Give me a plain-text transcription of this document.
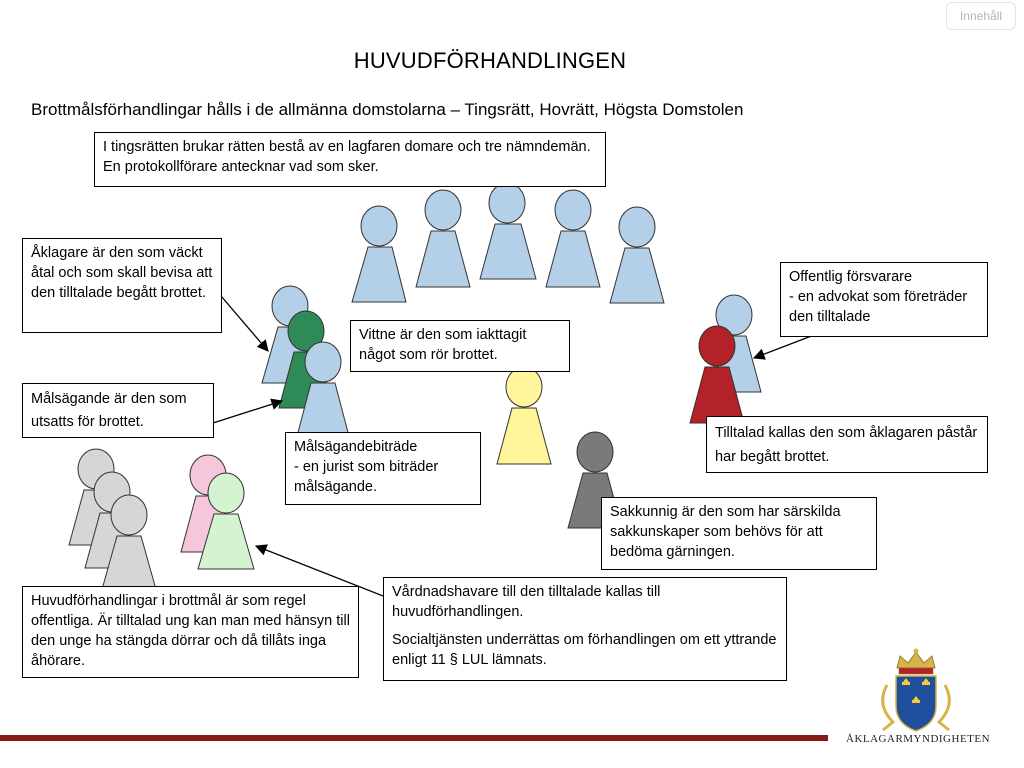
Innehåll
HUVUDFÖRHANDLINGEN
Brottmålsförhandlingar hålls i de allmänna domstolarna – Tingsrätt, Hovrätt, Högsta Domstolen

I tingsrätten brukar rätten bestå av en lagfaren domare och tre nämndemän. En protokollförare antecknar vad som sker.

Åklagare är den som väckt åtal och som skall bevisa att den tilltalade begått brottet.

Målsägande är den som utsatts för brottet.

Vittne är den som iakttagit något som rör brottet.

Målsägandebiträde
- en jurist som biträder målsägande.

Offentlig försvarare
- en advokat som företräder den tilltalade

Tilltalad kallas den som åklagaren påstår har begått brottet.

Sakkunnig är den som har särskilda sakkunskaper som behövs för att bedöma gärningen.

Vårdnadshavare till den tilltalade kallas till huvudförhandlingen.

Socialtjänsten underrättas om förhandlingen om ett yttrande enligt 11 § LUL lämnats.

Huvudförhandlingar i brottmål är som regel offentliga. Är tilltalad ung kan man med hänsyn till den unge ha stängda dörrar och då tillåts inga åhörare.

ÅKLAGARMYNDIGHETEN
